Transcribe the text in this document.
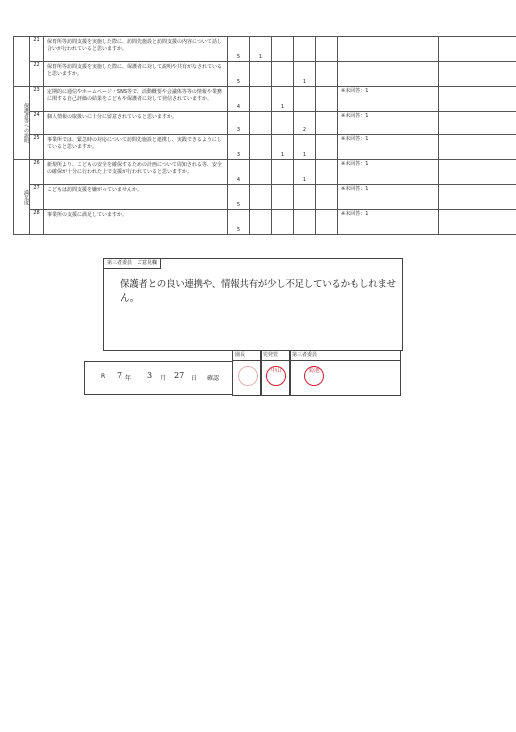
	21	保育所等訪問支援を実施した際に、訪問先施設と訪問支援の内容について話し合いが行われていると思いますか。	5	1					
	22	保育所等訪問支援を実施した際に、保護者に対して説明や共有がなされていると思いますか。	5			1			
保護者等への説明	23	定期的に通信やホームページ・SNS等で、活動概要や会議体等等の情報や業務に関する自己評価の結果をこどもや保護者に対して発信されていますか。	4		1			※未回答：1	
	24	個人情報の取扱いに十分に留意されていると思いますか。	3			2		※未回答：1	
	25	事業所では、緊急時の対応について訪問先施設と連携し、実践できるようにしていると思いますか。	3		1	1		※未回答：1	
満足度	26	新規所より、こどもの安全を確保するための計画について周知される等、安全の確保が十分に行われた上で支援が行われていると思いますか。	4			1		※未回答：1	
	27	こどもは訪問支援を嫌がっていませんか。	5					※未回答：1	
	28	事業所の支援に満足していますか。	5					※未回答：1	
第三者委員　ご意見欄
保護者との良い連携や、情報共有が少し不足しているかもしれません。
R 7 年 3 月 27 日 確認
園長	児発管
中山
第三者委員
菊池
